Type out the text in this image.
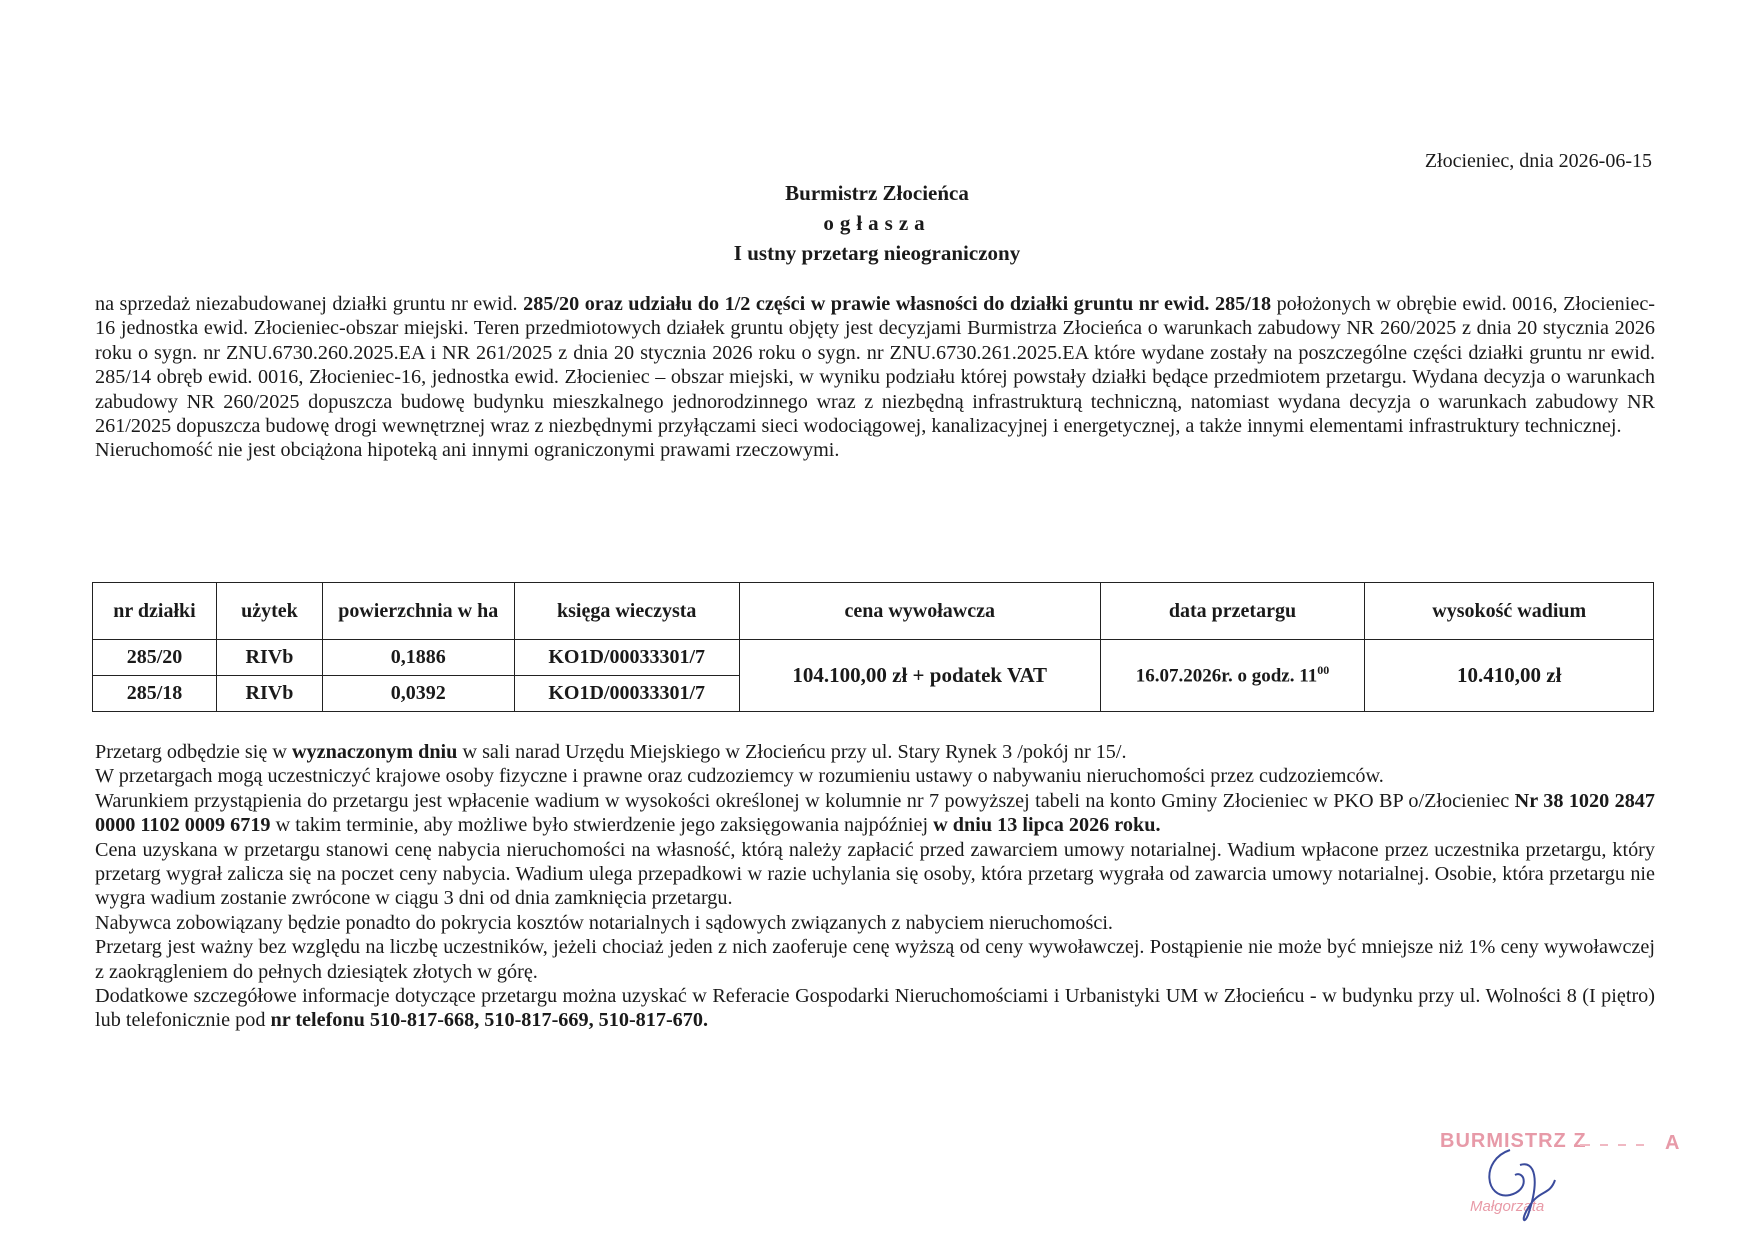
Złocieniec, dnia 2026-06-15
Burmistrz Złocieńca
ogłasza
I ustny przetarg nieograniczony

na sprzedaż niezabudowanej działki gruntu nr ewid. 285/20 oraz udziału do 1/2 części w prawie własności do działki gruntu nr ewid. 285/18 położonych w obrębie ewid. 0016, Złocieniec-16 jednostka ewid. Złocieniec-obszar miejski. Teren przedmiotowych działek gruntu objęty jest decyzjami Burmistrza Złocieńca o warunkach zabudowy NR 260/2025 z dnia 20 stycznia 2026 roku o sygn. nr ZNU.6730.260.2025.EA i NR 261/2025 z dnia 20 stycznia 2026 roku o sygn. nr ZNU.6730.261.2025.EA które wydane zostały na poszczególne części działki gruntu nr ewid. 285/14 obręb ewid. 0016, Złocieniec-16, jednostka ewid. Złocieniec – obszar miejski, w wyniku podziału której powstały działki będące przedmiotem przetargu. Wydana decyzja o warunkach zabudowy NR 260/2025 dopuszcza budowę budynku mieszkalnego jednorodzinnego wraz z niezbędną infrastrukturą techniczną, natomiast wydana decyzja o warunkach zabudowy NR 261/2025 dopuszcza budowę drogi wewnętrznej wraz z niezbędnymi przyłączami sieci wodociągowej, kanalizacyjnej i energetycznej, a także innymi elementami infrastruktury technicznej.

Nieruchomość nie jest obciążona hipoteką ani innymi ograniczonymi prawami rzeczowymi.

nr działki	użytek	powierzchnia w ha	księga wieczysta	cena wywoławcza	data przetargu	wysokość wadium
285/20	RIVb	0,1886	KO1D/00033301/7	104.100,00 zł + podatek VAT	16.07.2026r. o godz. $11^{00}$	10.410,00 zł
285/18	RIVb	0,0392	KO1D/00033301/7			

Przetarg odbędzie się w wyznaczonym dniu w sali narad Urzędu Miejskiego w Złocieńcu przy ul. Stary Rynek 3 /pokój nr 15/.

W przetargach mogą uczestniczyć krajowe osoby fizyczne i prawne oraz cudzoziemcy w rozumieniu ustawy o nabywaniu nieruchomości przez cudzoziemców.

Warunkiem przystąpienia do przetargu jest wpłacenie wadium w wysokości określonej w kolumnie nr 7 powyższej tabeli na konto Gminy Złocieniec w PKO BP o/Złocieniec Nr 38 1020 2847 0000 1102 0009 6719 w takim terminie, aby możliwe było stwierdzenie jego zaksięgowania najpóźniej w dniu 13 lipca 2026 roku.

Cena uzyskana w przetargu stanowi cenę nabycia nieruchomości na własność, którą należy zapłacić przed zawarciem umowy notarialnej. Wadium wpłacone przez uczestnika przetargu, który przetarg wygrał zalicza się na poczet ceny nabycia. Wadium ulega przepadkowi w razie uchylania się osoby, która przetarg wygrała od zawarcia umowy notarialnej. Osobie, która przetargu nie wygra wadium zostanie zwrócone w ciągu 3 dni od dnia zamknięcia przetargu.

Nabywca zobowiązany będzie ponadto do pokrycia kosztów notarialnych i sądowych związanych z nabyciem nieruchomości.

Przetarg jest ważny bez względu na liczbę uczestników, jeżeli chociaż jeden z nich zaoferuje cenę wyższą od ceny wywoławczej. Postąpienie nie może być mniejsze niż 1% ceny wywoławczej z zaokrągleniem do pełnych dziesiątek złotych w górę.

Dodatkowe szczegółowe informacje dotyczące przetargu można uzyskać w Referacie Gospodarki Nieruchomościami i Urbanistyki UM w Złocieńcu - w budynku przy ul. Wolności 8 (I piętro) lub telefonicznie pod nr telefonu 510-817-668, 510-817-669, 510-817-670.

BURMISTRZ Z	A
Małgorzata
